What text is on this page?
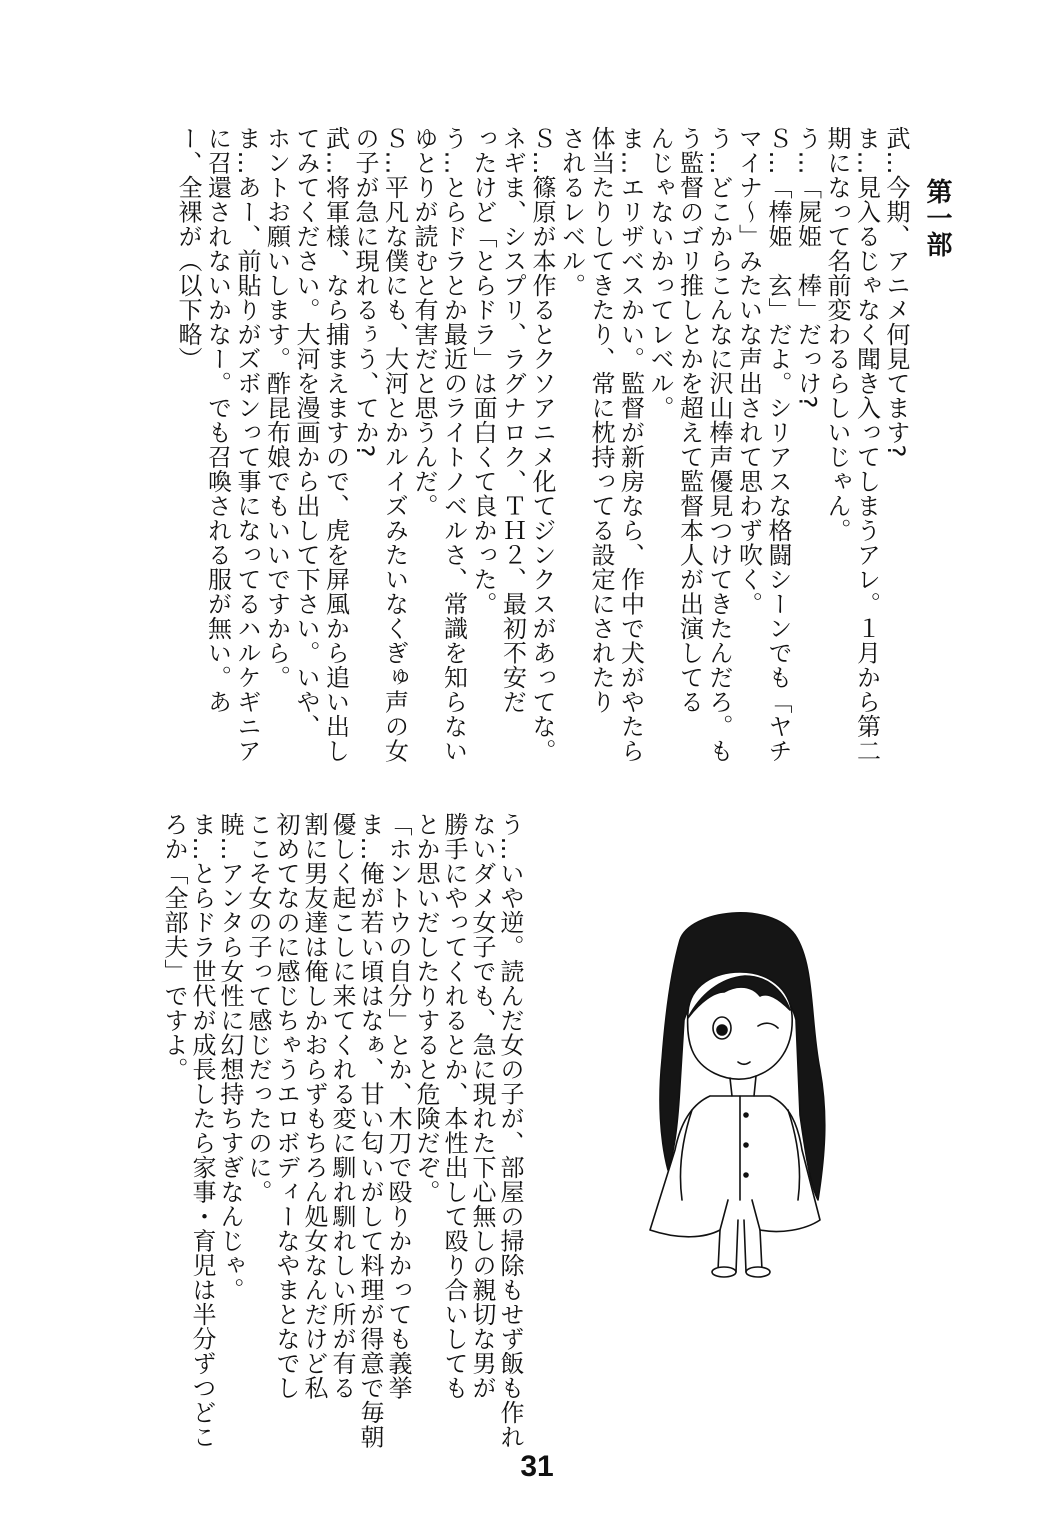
第一部
武…今期、アニメ何見てます?
ま…見入るじゃなく聞き入ってしまうアレ。１月から第二
期になって名前変わるらしいじゃん。
う…「屍姫　棒」だっけ?
Ｓ…「棒姫　玄」だよ。シリアスな格闘シーンでも「ヤチ
マイナ〜」みたいな声出されて思わず吹く。
う…どこからこんなに沢山棒声優見つけてきたんだろ。も
う監督のゴリ推しとかを超えて監督本人が出演してる
んじゃないかってレベル。
ま…エリザベスかい。監督が新房なら、作中で犬がやたら
体当たりしてきたり、常に枕持ってる設定にされたり
されるレベル。
Ｓ…篠原が本作るとクソアニメ化てジンクスがあってな。
ネギま、シスプリ、ラグナロク、ＴＨ２、最初不安だ
ったけど「とらドラ」は面白くて良かった。
う…とらドラとか最近のライトノベルさ、常識を知らない
ゆとりが読むと有害だと思うんだ。
Ｓ…平凡な僕にも、大河とかルイズみたいなくぎゅ声の女
の子が急に現れるぅう、てか?
武…将軍様、なら捕まえますので、虎を屏風から追い出し
てみてください。大河を漫画から出して下さい。いや、
ホントお願いします。酢昆布娘でもいいですから。
ま…あー、前貼りがズボンって事になってるハルケギニア
に召還されないかなー。でも召喚される服が無い。あ
ー、全裸が（以下略）
う…いや逆。読んだ女の子が、部屋の掃除もせず飯も作れ
ないダメ女子でも、急に現れた下心無しの親切な男が
勝手にやってくれるとか、本性出して殴り合いしても
とか思いだしたりすると危険だぞ。
「ホントウの自分」とか、木刀で殴りかかっても義挙
ま…俺が若い頃はなぁ、甘い匂いがして料理が得意で毎朝
優しく起こしに来てくれる変に馴れ馴れしい所が有る
割に男友達は俺しかおらずもちろん処女なんだけど私
初めてなのに感じちゃうエロボディーなやまとなでし
ここそ女の子って感じだったのに。
暁…アンタら女性に幻想持ちすぎなんじゃ。
ま…とらドラ世代が成長したら家事・育児は半分ずつどこ
ろか「全部夫」ですよ。
31
